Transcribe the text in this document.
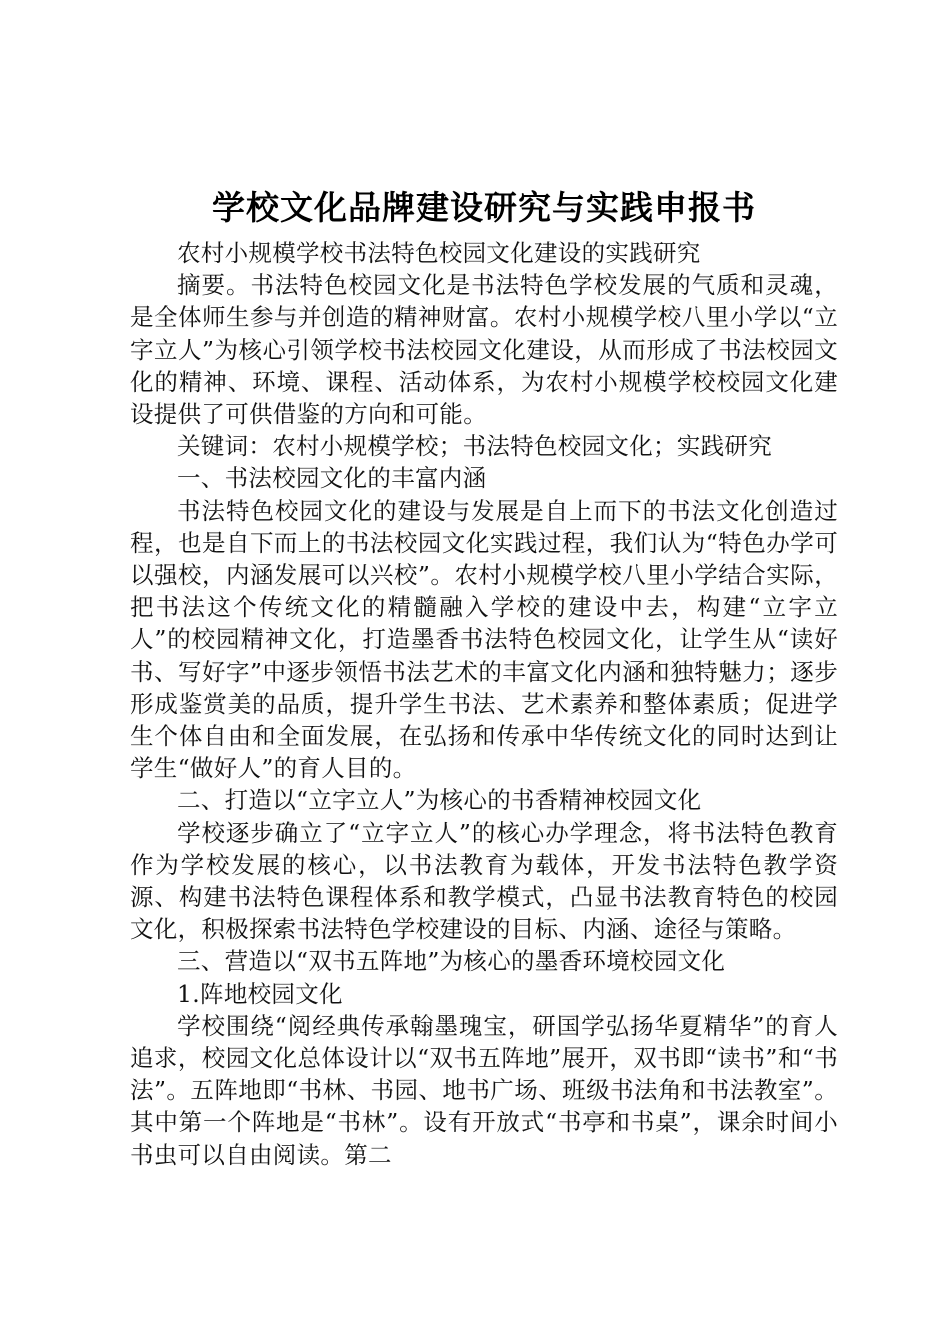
学校文化品牌建设研究与实践申报书

农村小规模学校书法特色校园文化建设的实践研究

摘要。书法特色校园文化是书法特色学校发展的气质和灵魂，是全体师生参与并创造的精神财富。农村小规模学校八里小学以“立字立人”为核心引领学校书法校园文化建设，从而形成了书法校园文化的精神、环境、课程、活动体系，为农村小规模学校校园文化建设提供了可供借鉴的方向和可能。

关键词：农村小规模学校；书法特色校园文化；实践研究

一、书法校园文化的丰富内涵

书法特色校园文化的建设与发展是自上而下的书法文化创造过程，也是自下而上的书法校园文化实践过程，我们认为“特色办学可以强校，内涵发展可以兴校”。农村小规模学校八里小学结合实际，把书法这个传统文化的精髓融入学校的建设中去，构建“立字立人”的校园精神文化，打造墨香书法特色校园文化，让学生从“读好书、写好字”中逐步领悟书法艺术的丰富文化内涵和独特魅力；逐步形成鉴赏美的品质，提升学生书法、艺术素养和整体素质；促进学生个体自由和全面发展，在弘扬和传承中华传统文化的同时达到让学生“做好人”的育人目的。

二、打造以“立字立人”为核心的书香精神校园文化

学校逐步确立了“立字立人”的核心办学理念，将书法特色教育作为学校发展的核心，以书法教育为载体，开发书法特色教学资源、构建书法特色课程体系和教学模式，凸显书法教育特色的校园文化，积极探索书法特色学校建设的目标、内涵、途径与策略。

三、营造以“双书五阵地”为核心的墨香环境校园文化

1.阵地校园文化

学校围绕“阅经典传承翰墨瑰宝，研国学弘扬华夏精华”的育人追求，校园文化总体设计以“双书五阵地”展开，双书即“读书”和“书法”。五阵地即“书林、书园、地书广场、班级书法角和书法教室”。其中第一个阵地是“书林”。设有开放式“书亭和书桌”，课余时间小书虫可以自由阅读。第二
